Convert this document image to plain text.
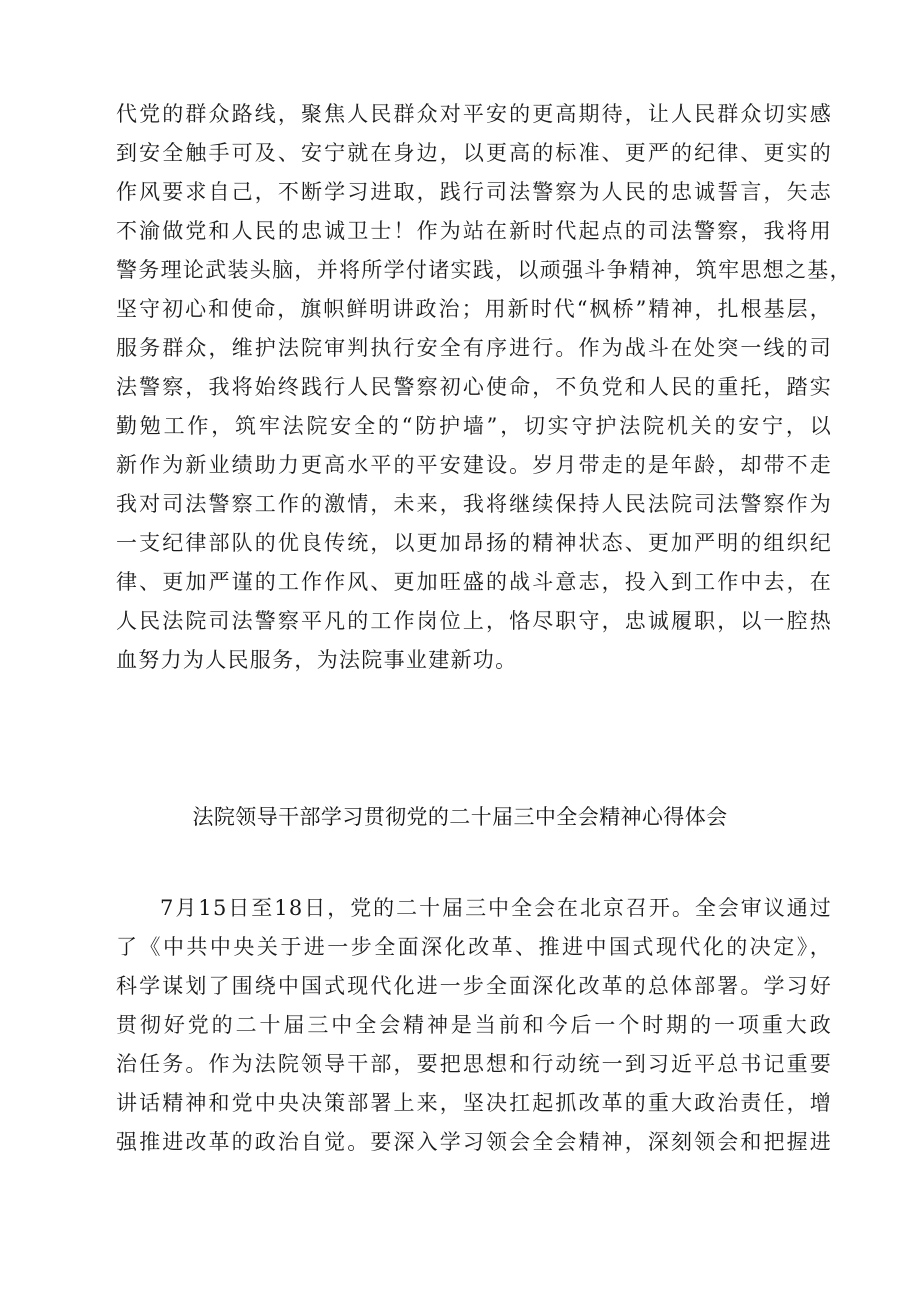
代党的群众路线，聚焦人民群众对平安的更高期待，让人民群众切实感
到安全触手可及、安宁就在身边，以更高的标准、更严的纪律、更实的
作风要求自己，不断学习进取，践行司法警察为人民的忠诚誓言，矢志
不渝做党和人民的忠诚卫士！作为站在新时代起点的司法警察，我将用
警务理论武装头脑，并将所学付诸实践，以顽强斗争精神，筑牢思想之基，
坚守初心和使命，旗帜鲜明讲政治；用新时代“枫桥”精神，扎根基层，
服务群众，维护法院审判执行安全有序进行。作为战斗在处突一线的司
法警察，我将始终践行人民警察初心使命，不负党和人民的重托，踏实
勤勉工作，筑牢法院安全的“防护墙”，切实守护法院机关的安宁，以
新作为新业绩助力更高水平的平安建设。岁月带走的是年龄，却带不走
我对司法警察工作的激情，未来，我将继续保持人民法院司法警察作为
一支纪律部队的优良传统，以更加昂扬的精神状态、更加严明的组织纪
律、更加严谨的工作作风、更加旺盛的战斗意志，投入到工作中去，在
人民法院司法警察平凡的工作岗位上，恪尽职守，忠诚履职，以一腔热
血努力为人民服务，为法院事业建新功。
法院领导干部学习贯彻党的二十届三中全会精神心得体会
7月15日至18日，党的二十届三中全会在北京召开。全会审议通过
了《中共中央关于进一步全面深化改革、推进中国式现代化的决定》，
科学谋划了围绕中国式现代化进一步全面深化改革的总体部署。学习好
贯彻好党的二十届三中全会精神是当前和今后一个时期的一项重大政
治任务。作为法院领导干部，要把思想和行动统一到习近平总书记重要
讲话精神和党中央决策部署上来，坚决扛起抓改革的重大政治责任，增
强推进改革的政治自觉。要深入学习领会全会精神，深刻领会和把握进
